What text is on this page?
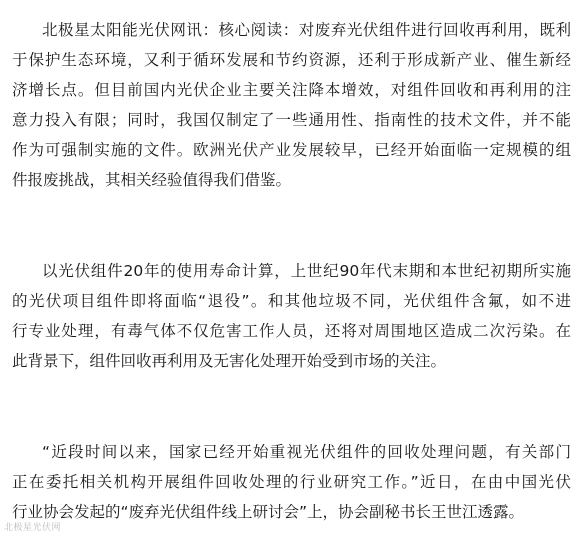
北极星太阳能光伏网讯：核心阅读：对废弃光伏组件进行回收再利用，既利
于保护生态环境，又利于循环发展和节约资源，还利于形成新产业、催生新经
济增长点。但目前国内光伏企业主要关注降本增效，对组件回收和再利用的注
意力投入有限；同时，我国仅制定了一些通用性、指南性的技术文件，并不能
作为可强制实施的文件。欧洲光伏产业发展较早，已经开始面临一定规模的组
件报废挑战，其相关经验值得我们借鉴。
以光伏组件20年的使用寿命计算，上世纪90年代末期和本世纪初期所实施
的光伏项目组件即将面临“退役”。和其他垃圾不同，光伏组件含氟，如不进
行专业处理，有毒气体不仅危害工作人员，还将对周围地区造成二次污染。在
此背景下，组件回收再利用及无害化处理开始受到市场的关注。
“近段时间以来，国家已经开始重视光伏组件的回收处理问题，有关部门
正在委托相关机构开展组件回收处理的行业研究工作。”近日，在由中国光伏
行业协会发起的“废弃光伏组件线上研讨会”上，协会副秘书长王世江透露。
北极星光伏网
